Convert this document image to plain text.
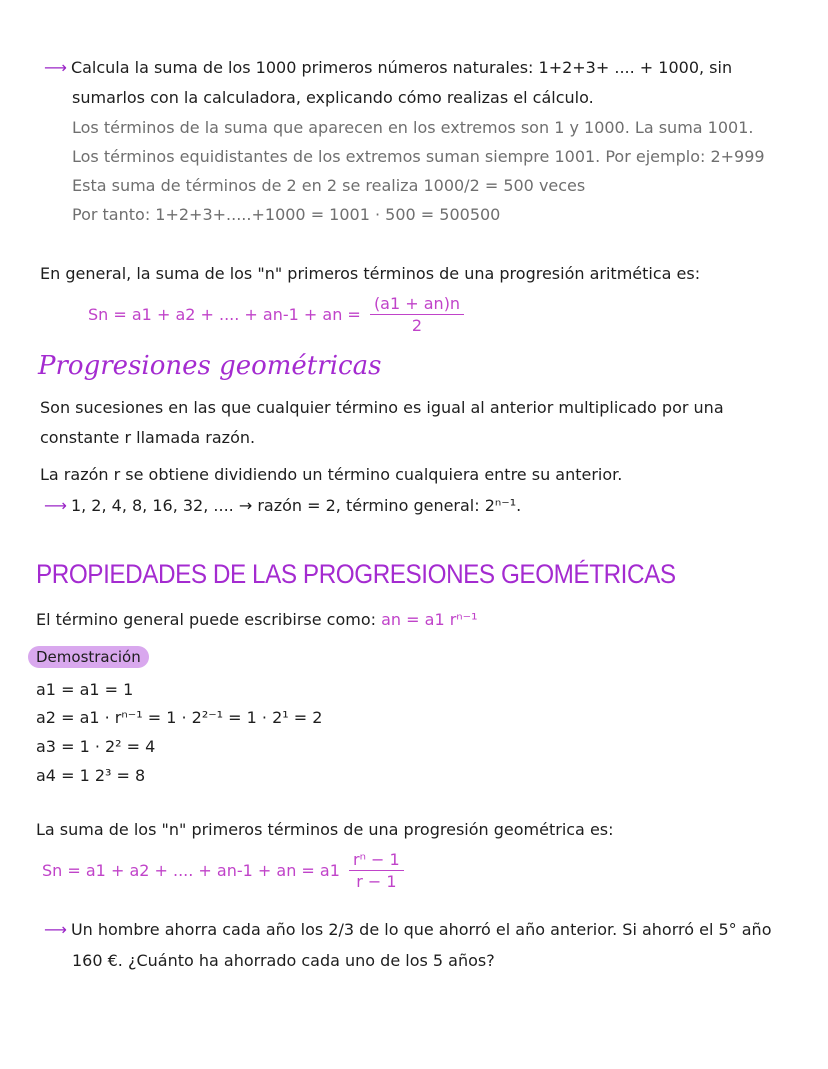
⟶ Calcula la suma de los 1000 primeros números naturales: 1+2+3+ .... + 1000, sin
sumarlos con la calculadora, explicando cómo realizas el cálculo.
Los términos de la suma que aparecen en los extremos son 1 y 1000. La suma 1001.
Los términos equidistantes de los extremos suman siempre 1001. Por ejemplo: 2+999
Esta suma de términos de 2 en 2 se realiza 1000/2 = 500 veces
Por tanto: 1+2+3+.....+1000 = 1001 · 500 = 500500
En general, la suma de los "n" primeros términos de una progresión aritmética es:
Sn = a1 + a2 + .... + an-1 + an = $\frac{(a1 + an)n}{2}$
Progresiones geométricas
Son sucesiones en las que cualquier término es igual al anterior multiplicado por una
constante r llamada razón.
La razón r se obtiene dividiendo un término cualquiera entre su anterior.
⟶ 1, 2, 4, 8, 16, 32, .... → razón = 2, término general: 2ⁿ⁻¹.
PROPIEDADES DE LAS PROGRESIONES GEOMÉTRICAS
El término general puede escribirse como: an = a1 rⁿ⁻¹
Demostración
a1 = a1 = 1
a2 = a1 · rⁿ⁻¹ = 1 · 2²⁻¹ = 1 · 2¹ = 2
a3 = 1 · 2² = 4
a4 = 1 2³ = 8
La suma de los "n" primeros términos de una progresión geométrica es:
Sn = a1 + a2 + .... + an-1 + an = $a1 \frac{\text{rⁿ − 1}}{r - 1}$
⟶ Un hombre ahorra cada año los 2/3 de lo que ahorró el año anterior. Si ahorró el 5° año
160 €. ¿Cuánto ha ahorrado cada uno de los 5 años?
